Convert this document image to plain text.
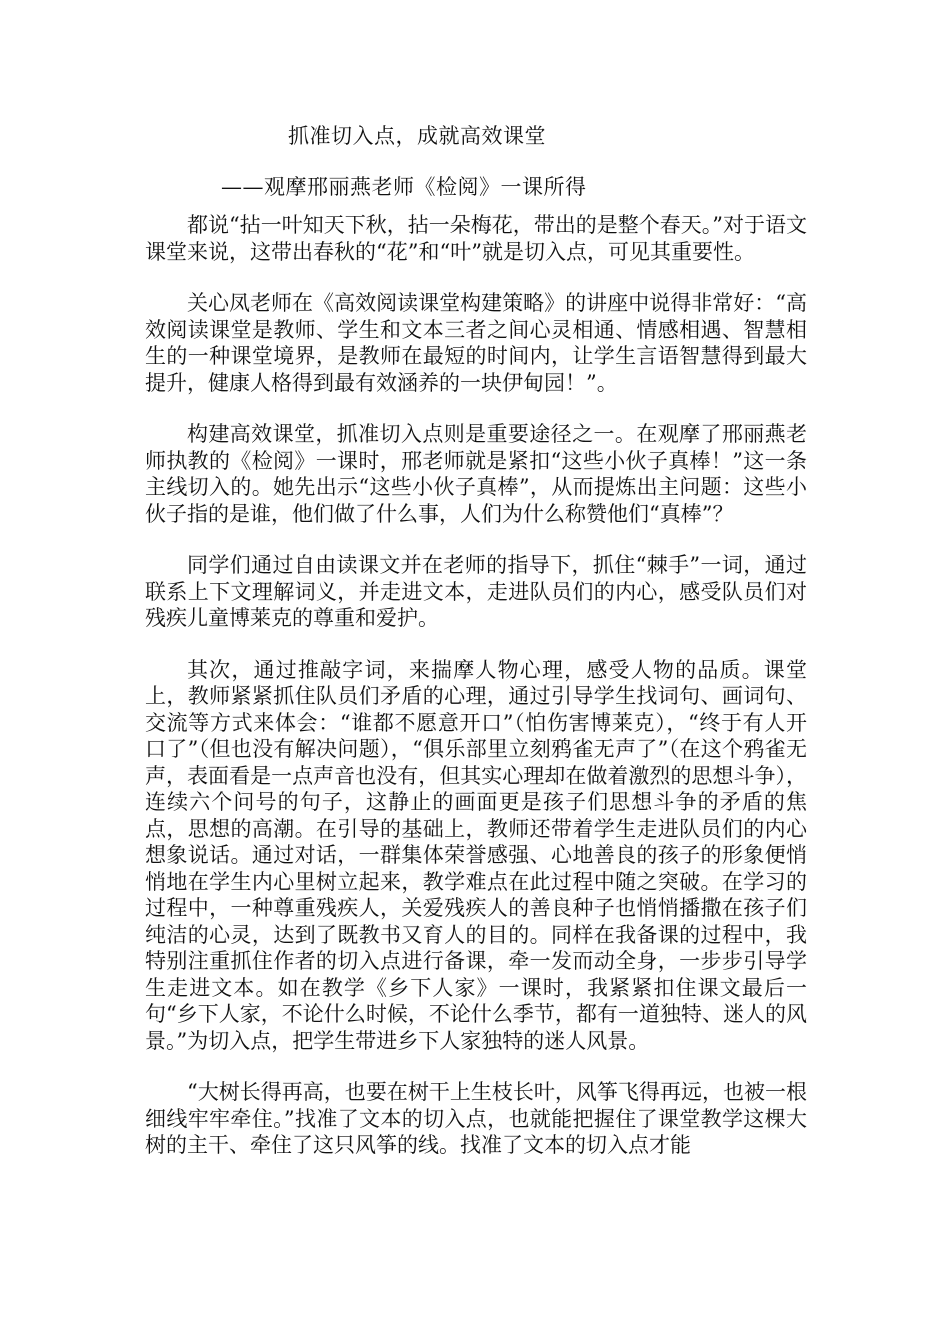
抓准切入点，成就高效课堂
——观摩邢丽燕老师《检阅》一课所得

都说“拈一叶知天下秋，拈一朵梅花，带出的是整个春天。”对于语文课堂来说，这带出春秋的“花”和“叶”就是切入点，可见其重要性。

关心凤老师在《高效阅读课堂构建策略》的讲座中说得非常好：“高效阅读课堂是教师、学生和文本三者之间心灵相通、情感相遇、智慧相生的一种课堂境界，是教师在最短的时间内，让学生言语智慧得到最大提升，健康人格得到最有效涵养的一块伊甸园！”。

构建高效课堂，抓准切入点则是重要途径之一。在观摩了邢丽燕老师执教的《检阅》一课时，邢老师就是紧扣“这些小伙子真棒！”这一条主线切入的。她先出示“这些小伙子真棒”，从而提炼出主问题：这些小伙子指的是谁，他们做了什么事，人们为什么称赞他们“真棒”？

同学们通过自由读课文并在老师的指导下，抓住“棘手”一词，通过联系上下文理解词义，并走进文本，走进队员们的内心，感受队员们对残疾儿童博莱克的尊重和爱护。

其次，通过推敲字词，来揣摩人物心理，感受人物的品质。课堂上，教师紧紧抓住队员们矛盾的心理，通过引导学生找词句、画词句、交流等方式来体会：“谁都不愿意开口”（怕伤害博莱克），“终于有人开口了”（但也没有解决问题），“俱乐部里立刻鸦雀无声了”（在这个鸦雀无声，表面看是一点声音也没有，但其实心理却在做着激烈的思想斗争），连续六个问号的句子，这静止的画面更是孩子们思想斗争的矛盾的焦点，思想的高潮。在引导的基础上，教师还带着学生走进队员们的内心想象说话。通过对话，一群集体荣誉感强、心地善良的孩子的形象便悄悄地在学生内心里树立起来，教学难点在此过程中随之突破。在学习的过程中，一种尊重残疾人，关爱残疾人的善良种子也悄悄播撒在孩子们纯洁的心灵，达到了既教书又育人的目的。同样在我备课的过程中，我特别注重抓住作者的切入点进行备课，牵一发而动全身，一步步引导学生走进文本。如在教学《乡下人家》一课时，我紧紧扣住课文最后一句“乡下人家，不论什么时候，不论什么季节，都有一道独特、迷人的风景。”为切入点，把学生带进乡下人家独特的迷人风景。

“大树长得再高，也要在树干上生枝长叶，风筝飞得再远，也被一根细线牢牢牵住。”找准了文本的切入点，也就能把握住了课堂教学这棵大树的主干、牵住了这只风筝的线。找准了文本的切入点才能
